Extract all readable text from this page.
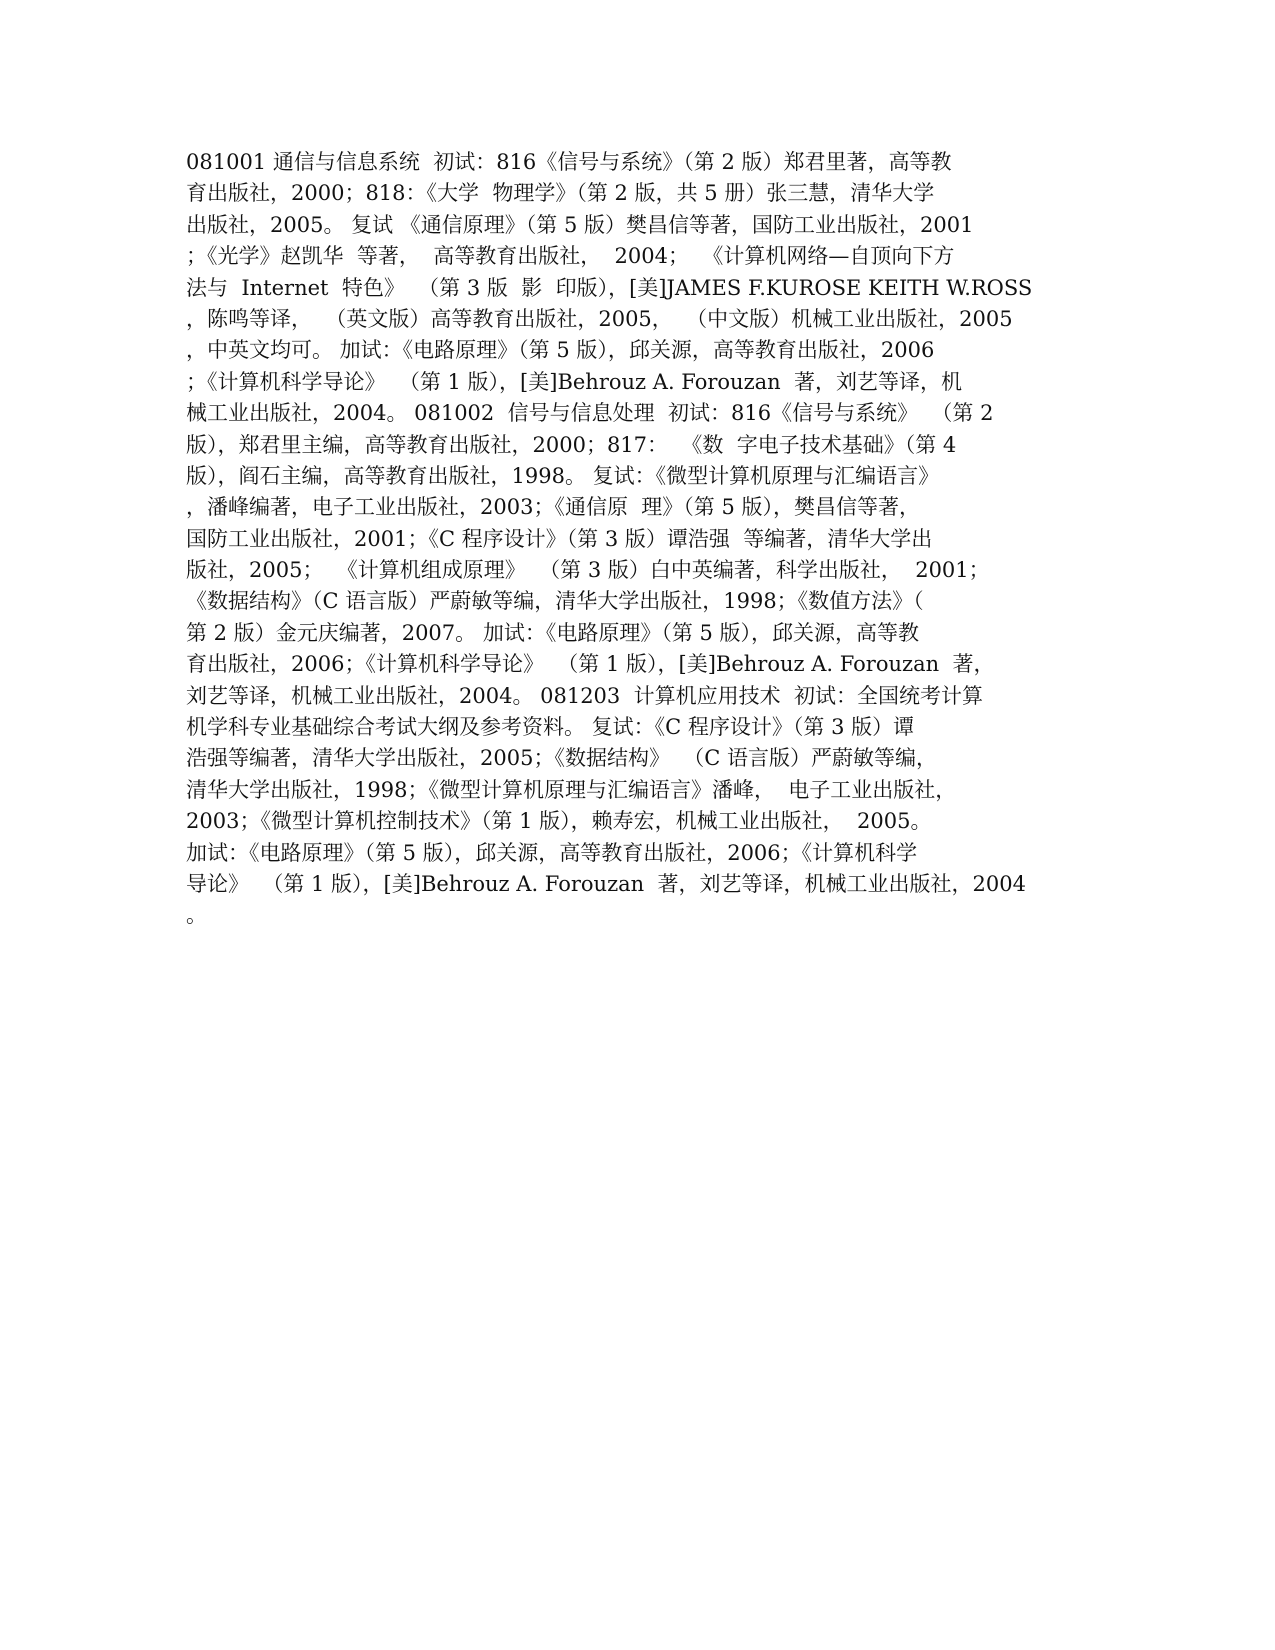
081001 通信与信息系统  初试：816《信号与系统》（第 2 版）郑君里著，高等教
育出版社，2000；818：《大学  物理学》（第 2 版，共 5 册）张三慧，清华大学
出版社，2005。 复试 《通信原理》（第 5 版）樊昌信等著，国防工业出版社，2001
；《光学》赵凯华  等著，  高等教育出版社，  2004；  《计算机网络—自顶向下方
法与  Internet  特色》  （第 3 版  影  印版），[美]JAMES F.KUROSE KEITH W.ROSS
，陈鸣等译，  （英文版）高等教育出版社，2005，  （中文版）机械工业出版社，2005
，中英文均可。 加试：《电路原理》（第 5 版），邱关源，高等教育出版社，2006
；《计算机科学导论》  （第 1 版），[美]Behrouz A. Forouzan  著，刘艺等译，机
械工业出版社，2004。 081002  信号与信息处理  初试：816《信号与系统》  （第 2
版），郑君里主编，高等教育出版社，2000；817：  《数  字电子技术基础》（第 4
版），阎石主编，高等教育出版社，1998。 复试：《微型计算机原理与汇编语言》
，潘峰编著，电子工业出版社，2003；《通信原  理》（第 5 版），樊昌信等著，
国防工业出版社，2001；《C 程序设计》（第 3 版）谭浩强  等编著，清华大学出
版社，2005；  《计算机组成原理》  （第 3 版）白中英编著，科学出版社，  2001；
《数据结构》（C 语言版）严蔚敏等编，清华大学出版社，1998；《数值方法》（
第 2 版）金元庆编著，2007。 加试：《电路原理》（第 5 版），邱关源，高等教
育出版社，2006；《计算机科学导论》  （第 1 版），[美]Behrouz A. Forouzan  著，
刘艺等译，机械工业出版社，2004。 081203  计算机应用技术  初试：全国统考计算
机学科专业基础综合考试大纲及参考资料。 复试：《C 程序设计》（第 3 版）谭
浩强等编著，清华大学出版社，2005；《数据结构》  （C 语言版）严蔚敏等编，
清华大学出版社，1998；《微型计算机原理与汇编语言》潘峰，  电子工业出版社，
2003；《微型计算机控制技术》（第 1 版），赖寿宏，机械工业出版社，  2005。
加试：《电路原理》（第 5 版），邱关源，高等教育出版社，2006；《计算机科学
导论》  （第 1 版），[美]Behrouz A. Forouzan  著，刘艺等译，机械工业出版社，2004
。
